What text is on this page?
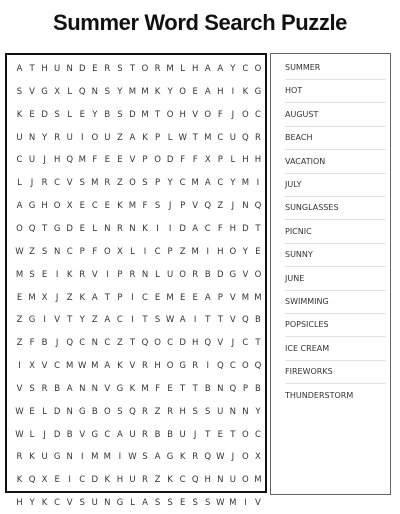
Summer Word Search Puzzle
A T H U N D E R S T O R M L H A A Y C O
S V G X L Q N S Y M M K Y O E A H I	K G
K E D S L E Y B S D M T O H V O F	J O C
U N Y R U I O U Z A K P L W T M C U Q R
C U J H Q M F E E V P O D F F X P L H H
L	J R C V S M R Z O S P Y C M A C Y M I
A G H O X E C E K M F S	J	P V Q Z J N Q
O Q T G D E L N R N K	I	I D A C F H D T
W Z S N C P F O X L	I C P Z M I H O Y E
M S E	I	K R V I	P R N L U O R B D G V O
E M X J Z K A T P	I C E M E E A P V M M
Z G I V T Y Z A C I	T S W A I	T T V Q B
Z F B J Q C N C Z T Q O C D H Q V J C T
I X V C M W M A K V R H O G R I Q C O Q
V S R B A N N V G K M F E T T B N Q P B
W E L D N G B O S Q R Z R H S S U N N Y
W L	J D B V G C A U R B B U J	T E T O C
R K U G N I M M I W S A G K R Q W J O X
K Q X E	I C D K H U R Z K C Q H N U O M
H Y K C V S U N G L A S S E S S W M I V
SUMMER
HOT
AUGUST
BEACH
VACATION
JULY
SUNGLASSES
PICNIC
SUNNY
JUNE
SWIMMING
POPSICLES
ICE CREAM
FIREWORKS
THUNDERSTORM
